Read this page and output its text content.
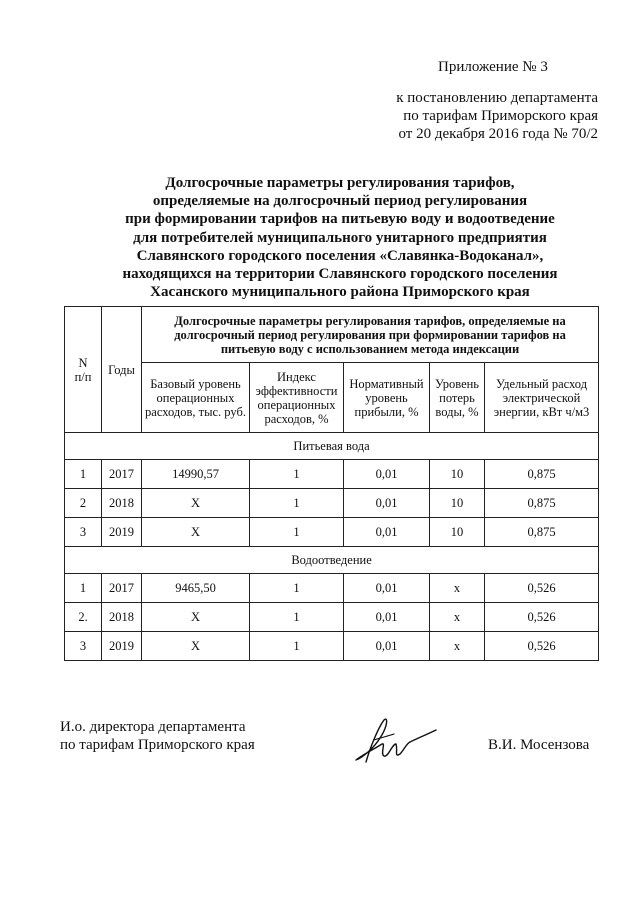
Приложение № 3
к постановлению департамента
по тарифам Приморского края
от 20 декабря 2016 года № 70/2
Долгосрочные параметры регулирования тарифов,
определяемые на долгосрочный период регулирования
при формировании тарифов на питьевую воду и водоотведение
для потребителей муниципального унитарного предприятия
Славянского городского поселения «Славянка-Водоканал»,
находящихся на территории Славянского городского поселения
Хасанского муниципального района Приморского края
N
п/п	Годы	Долгосрочные параметры регулирования тарифов, определяемые на долгосрочный период регулирования при формировании тарифов на питьевую воду с использованием метода индексации				
		Базовый уровень операционных расходов, тыс. руб.	Индекс эффективности операционных расходов, %	Нормативный уровень прибыли, %	Уровень потерь воды, %	Удельный расход электрической энергии, кВт ч/м3
Питьевая вода						
1	2017	14990,57	1	0,01	10	0,875
2	2018	Х	1	0,01	10	0,875
3	2019	Х	1	0,01	10	0,875
Водоотведение						
1	2017	9465,50	1	0,01	х	0,526
2.	2018	Х	1	0,01	х	0,526
3	2019	Х	1	0,01	х	0,526
И.о. директора департамента
по тарифам Приморского края	В.И. Мосензова
